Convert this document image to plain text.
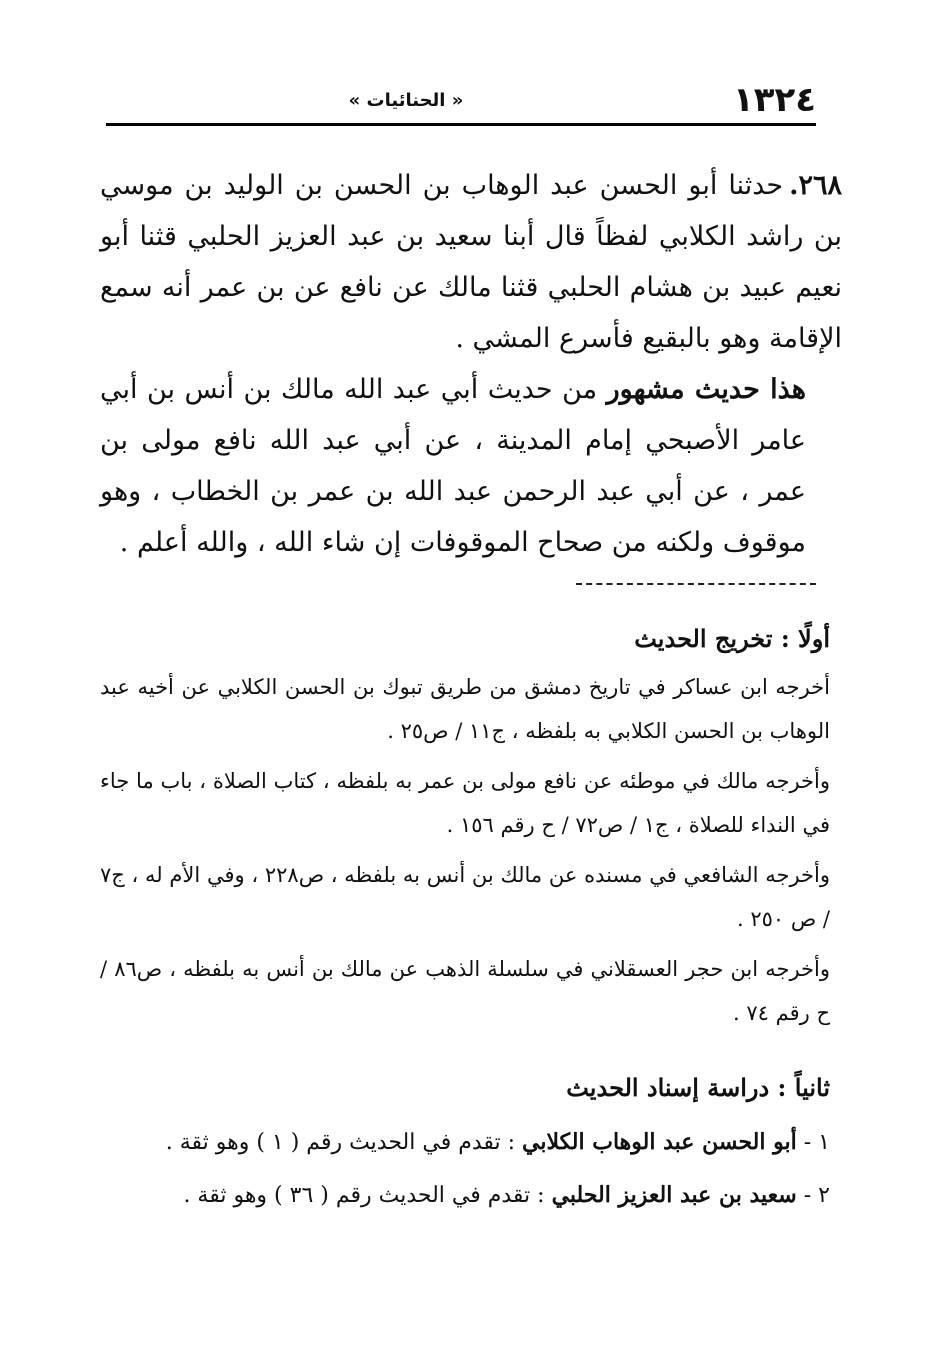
١٣٢٤
« الحنائيات »

٢٦٨.حدثنا أبو الحسن عبد الوهاب بن الحسن بن الوليد بن موسي بن راشد الكلابي لفظاً قال أبنا سعيد بن عبد العزيز الحلبي قثنا أبو نعيم عبيد بن هشام الحلبي قثنا مالك عن نافع عن بن عمر أنه سمع الإقامة وهو بالبقيع فأسرع المشي .

هذا حديث مشهور من حديث أبي عبد الله مالك بن أنس بن أبي عامر الأصبحي إمام المدينة ، عن أبي عبد الله نافع مولى بن عمر ، عن أبي عبد الرحمن عبد الله بن عمر بن الخطاب ، وهو موقوف ولكنه من صحاح الموقوفات إن شاء الله ، والله أعلم .

أولًا : تخريج الحديث

أخرجه ابن عساكر في تاريخ دمشق من طريق تبوك بن الحسن الكلابي عن أخيه عبد الوهاب بن الحسن الكلابي به بلفظه ، ج١١ / ص٢٥ .

وأخرجه مالك في موطئه عن نافع مولى بن عمر به بلفظه ، كتاب الصلاة ، باب ما جاء في النداء للصلاة ، ج١ / ص٧٢ / ح رقم ١٥٦ .

وأخرجه الشافعي في مسنده عن مالك بن أنس به بلفظه ، ص٢٢٨ ، وفي الأم له ، ج٧ / ص ٢٥٠ .

وأخرجه ابن حجر العسقلاني في سلسلة الذهب عن مالك بن أنس به بلفظه ، ص٨٦ / ح رقم ٧٤ .

ثانياً : دراسة إسناد الحديث
١ - أبو الحسن عبد الوهاب الكلابي : تقدم في الحديث رقم ( ١ ) وهو ثقة .
٢ - سعيد بن عبد العزيز الحلبي : تقدم في الحديث رقم ( ٣٦ ) وهو ثقة .
